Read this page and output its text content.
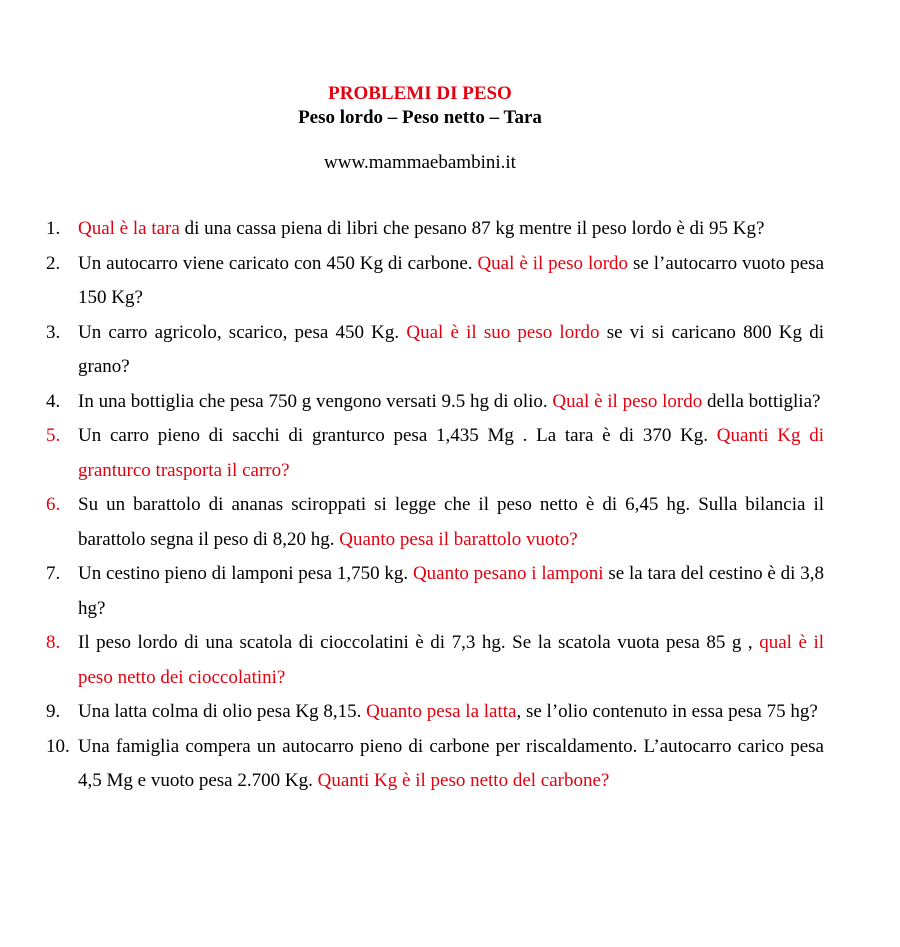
PROBLEMI DI PESO
Peso lordo – Peso netto – Tara
www.mammaebambini.it
1. Qual è la tara di una cassa piena di libri che pesano 87 kg mentre il peso lordo è di 95 Kg?
2. Un autocarro viene caricato con 450 Kg di carbone. Qual è il peso lordo se l’autocarro vuoto pesa 150 Kg?
3. Un carro agricolo, scarico, pesa 450 Kg. Qual è il suo peso lordo se vi si caricano 800 Kg di grano?
4. In una bottiglia che pesa 750 g vengono versati 9.5 hg di olio. Qual è il peso lordo della bottiglia?
5. Un carro pieno di sacchi di granturco pesa 1,435 Mg . La tara è di 370 Kg. Quanti Kg di granturco trasporta il carro?
6. Su un barattolo di ananas sciroppati si legge che il peso netto è di 6,45 hg. Sulla bilancia il barattolo segna il peso di 8,20 hg. Quanto pesa il barattolo vuoto?
7. Un cestino pieno di lamponi pesa 1,750 kg. Quanto pesano i lamponi se la tara del cestino è di 3,8 hg?
8. Il peso lordo di una scatola di cioccolatini è di 7,3 hg. Se la scatola vuota pesa 85 g , qual è il peso netto dei cioccolatini?
9. Una latta colma di olio pesa Kg 8,15. Quanto pesa la latta, se l’olio contenuto in essa pesa 75 hg?
10. Una famiglia compera un autocarro pieno di carbone per riscaldamento. L’autocarro carico pesa 4,5 Mg e vuoto pesa 2.700 Kg. Quanti Kg è il peso netto del carbone?
